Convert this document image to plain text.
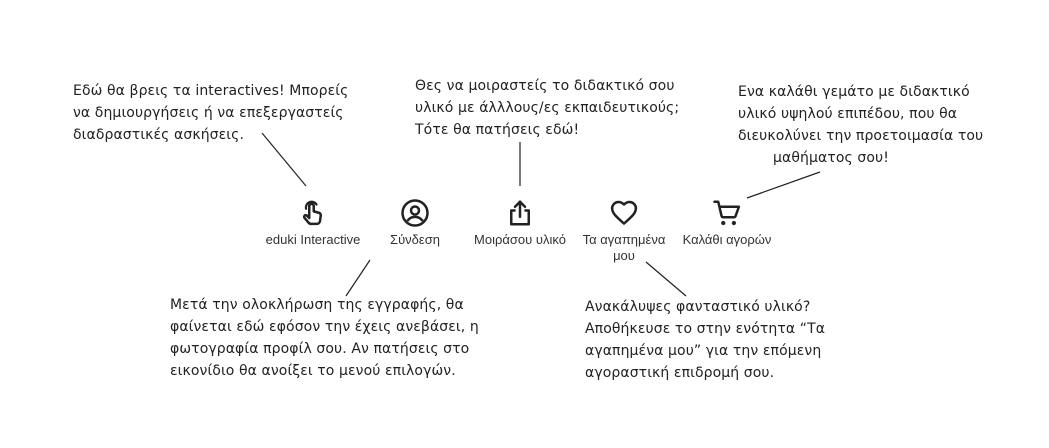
Εδώ θα βρεις τα interactives! Μπορείς
να δημιουργήσεις ή να επεξεργαστείς
διαδραστικές ασκήσεις.
Θες να μοιραστείς το διδακτικό σου
υλικό με άλλλους/ες εκπαιδευτικούς;
Τότε θα πατήσεις εδώ!
Ενα καλάθι γεμάτο με διδακτικό
υλικό υψηλού επιπέδου, που θα
διευκολύνει την προετοιμασία του
μαθήματος σου!
Μετά την ολοκλήρωση της εγγραφής, θα
φαίνεται εδώ εφόσον την έχεις ανεβάσει, η
φωτογραφία προφίλ σου. Αν πατήσεις στο
εικονίδιο θα ανοίξει το μενού επιλογών.
Ανακάλυψες φανταστικό υλικό?
Αποθήκευσε το στην ενότητα “Τα
αγαπημένα μου” για την επόμενη
αγοραστική επιδρομή σου.
eduki Interactive Σύνδεση	Μοιράσου υλικό Τα αγαπημένα
μου
Καλάθι αγορών
